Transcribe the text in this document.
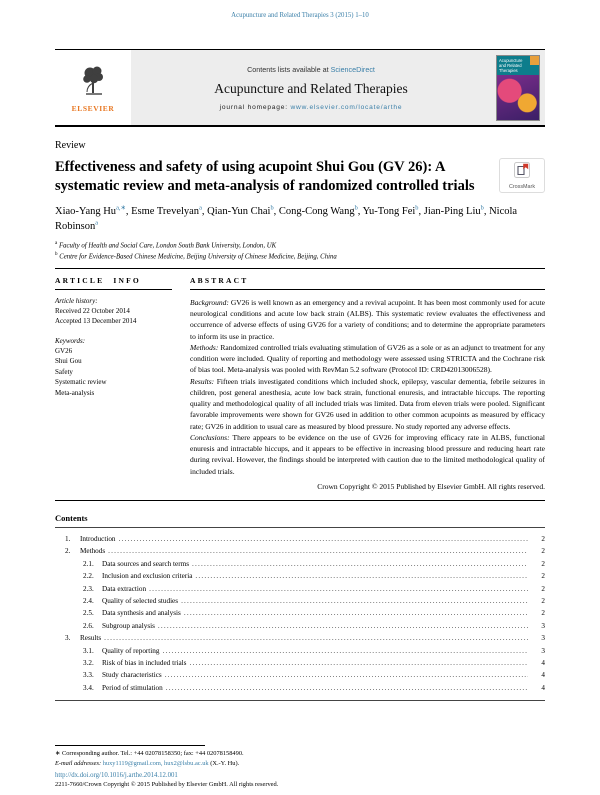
Acupuncture and Related Therapies 3 (2015) 1–10
ELSEVIER
Contents lists available at ScienceDirect
Acupuncture and Related Therapies
journal homepage: www.elsevier.com/locate/arthe
Acupuncture and Related Therapies
Review
Effectiveness and safety of using acupoint Shui Gou (GV 26): A systematic review and meta-analysis of randomized controlled trials	CrossMark

Xiao-Yang $Hu^{a,∗}$, Esme Trevelyan$^a$, Qian-Yun Chai$^b$, Cong-Cong Wang$^b$, Yu-Tong Fei$^b$, Jian-Ping Liu$^b$, Nicola Robinson$^a$

$^a$ Faculty of Health and Social Care, London South Bank University, London, UK
$^b$ Centre for Evidence-Based Chinese Medicine, Beijing University of Chinese Medicine, Beijing, China
ARTICLE INFO
Article history:
Received 22 October 2014
Accepted 13 December 2014
Keywords:
GV26
Shui Gou
Safety
Systematic review
Meta-analysis
ABSTRACT

Background: GV26 is well known as an emergency and a revival acupoint. It has been most commonly used for acute neurological conditions and acute low back strain (ALBS). This systematic review evaluates the effectiveness and occurrence of adverse effects of using GV26 for a variety of conditions; and to determine the appropriate parameters to inform its use in practice.

Methods: Randomized controlled trials evaluating stimulation of GV26 as a sole or as an adjunct to treatment for any condition were included. Quality of reporting and methodology were assessed using STRICTA and the Cochrane risk of bias tool. Meta-analysis was pooled with RevMan 5.2 software (Protocol ID: CRD42013006528).

Results: Fifteen trials investigated conditions which included shock, epilepsy, vascular dementia, febrile seizures in children, post general anesthesia, acute low back strain, functional enuresis, and intractable hiccups. The reporting quality and methodological quality of all included trials was limited. Data from eleven trials were pooled. Significant favorable improvements were shown for GV26 used in addition to other common acupoints as measured by efficacy rate; GV26 in addition to usual care as measured by blood pressure. No study reported any adverse effects.

Conclusions: There appears to be evidence on the use of GV26 for improving efficacy rate in ALBS, functional enuresis and intractable hiccups, and it appears to be effective in increasing blood pressure and reducing heart rate during revival. However, the findings should be interpreted with caution due to the limited methodological quality of included trials.

Crown Copyright © 2015 Published by Elsevier GmbH. All rights reserved.
Contents
1.	Introduction .....	2
2.	Methods .....	2
2.1.	Data sources and search terms .....	2
2.2.	Inclusion and exclusion criteria .....	2
2.3.	Data extraction .....	2
2.4.	Quality of selected studies .....	2
2.5.	Data synthesis and analysis .....	2
2.6.	Subgroup analysis .....	3
3.	Results .....	3
3.1.	Quality of reporting .....	3
3.2.	Risk of bias in included trials .....	4
3.3.	Study characteristics .....	4
3.4.	Period of stimulation .....	4
∗ Corresponding author. Tel.: +44 02078158350; fax: +44 02078158490.
E-mail addresses: huxy1119@gmail.com, hux2@lsbu.ac.uk (X.-Y. Hu).
http://dx.doi.org/10.1016/j.arthe.2014.12.001
2211-7660/Crown Copyright © 2015 Published by Elsevier GmbH. All rights reserved.
